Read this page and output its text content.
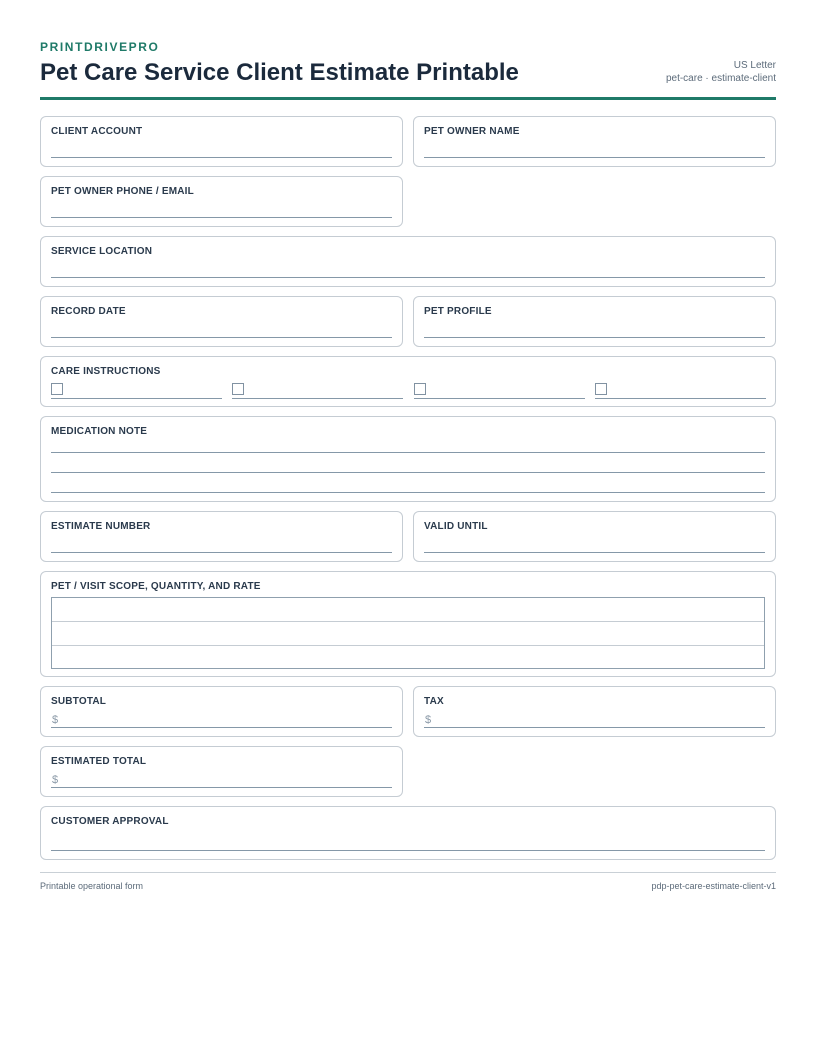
PRINTDRIVEPRO
Pet Care Service Client Estimate Printable	US Letter
pet-care · estimate-client
CLIENT ACCOUNT	PET OWNER NAME
PET OWNER PHONE / EMAIL
SERVICE LOCATION
RECORD DATE	PET PROFILE
CARE INSTRUCTIONS
MEDICATION NOTE
ESTIMATE NUMBER	VALID UNTIL
PET / VISIT SCOPE, QUANTITY, AND RATE
SUBTOTAL
$
TAX
$
ESTIMATED TOTAL
$
CUSTOMER APPROVAL
Printable operational form	pdp-pet-care-estimate-client-v1
